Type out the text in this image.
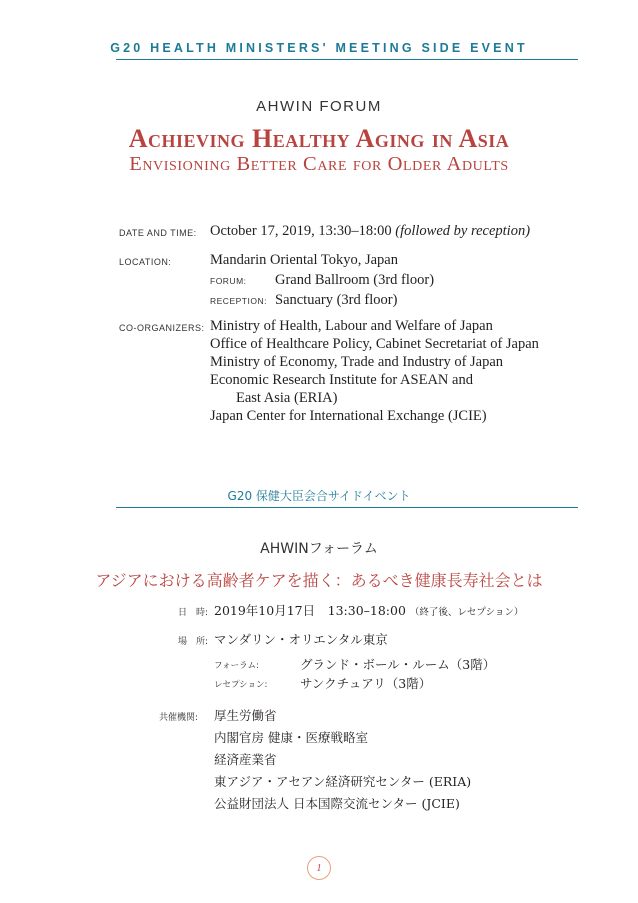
G20 HEALTH MINISTERS' MEETING SIDE EVENT
AHWIN FORUM
Achieving Healthy Aging in Asia
Envisioning Better Care for Older Adults
DATE AND TIME: October 17, 2019, 13:30–18:00 (followed by reception)
LOCATION:	Mandarin Oriental Tokyo, Japan
FORUM: Grand Ballroom (3rd floor)
RECEPTION: Sanctuary (3rd floor)
CO-ORGANIZERS: Ministry of Health, Labour and Welfare of Japan
Office of Healthcare Policy, Cabinet Secretariat of Japan
Ministry of Economy, Trade and Industry of Japan
Economic Research Institute for ASEAN and
East Asia (ERIA)
Japan Center for International Exchange (JCIE)
G20 保健大臣会合サイドイベント
AHWINフォーラム
アジアにおける高齢者ケアを描く：あるべき健康長寿社会とは
日　時: 2019年10月17日　13:30–18:00 （終了後、レセプション）
場　所: マンダリン・オリエンタル東京
フォーラム:	グランド・ボール・ルーム（3階）
レセプション:	サンクチュアリ（3階）
共催機関: 厚生労働省
内閣官房 健康・医療戦略室
経済産業省
東アジア・アセアン経済研究センター (ERIA)
公益財団法人 日本国際交流センター (JCIE)
1
